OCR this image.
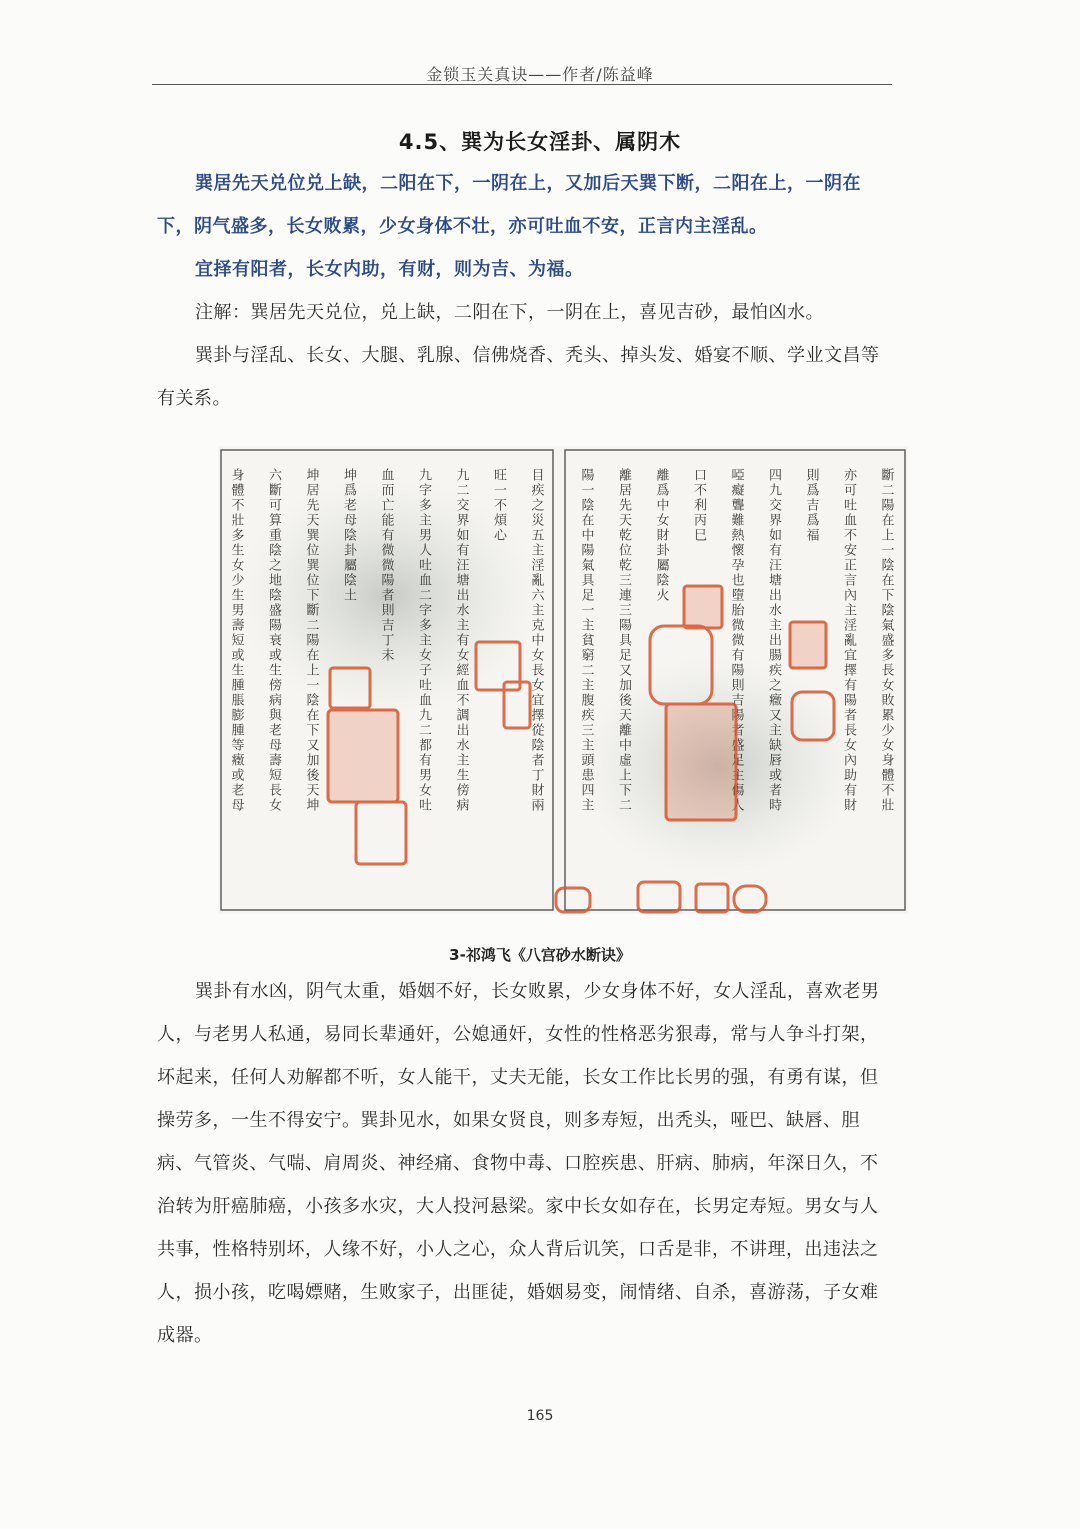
金锁玉关真诀——作者/陈益峰
4.5、巽为长女淫卦、属阴木
巽居先天兑位兑上缺，二阳在下，一阴在上，又加后天巽下断，二阳在上，一阴在下，阴气盛多，长女败累，少女身体不壮，亦可吐血不安，正言内主淫乱。
宜择有阳者，长女内助，有财，则为吉、为福。
注解：巽居先天兑位，兑上缺，二阳在下，一阴在上，喜见吉砂，最怕凶水。
巽卦与淫乱、长女、大腿、乳腺、信佛烧香、秃头、掉头发、婚宴不顺、学业文昌等有关系。
身體不壯多生女少生男壽短或生腫脹膨腫等癥或老母 六斷可算重陰之地陰盛陽衰或生傍病與老母壽短長女 坤居先天巽位巽位下斷二陽在上一陰在下又加後天坤 坤爲老母陰卦屬陰土 血而亡能有微微陽者則吉丁未 九字多主男人吐血二字多主女子吐血九二都有男女吐 九二交界如有汪塘出水主有女經血不調出水主生傍病 旺一不煩心 目疾之災五主淫亂六主克中女長女宜擇從陰者丁財兩	陽一陰在中陽氣具足一主貧窮二主腹疾三主頭患四主 離居先天乾位乾三連三陽具足又加後天離中虛上下二 離爲中女財卦屬陰火 口不利丙巳 啞癡聾難熱懷孕也墮胎微微有陽則吉陽者盛足主傷人 四九交界如有汪塘出水主出腸疾之癥又主缺唇或者時 則爲吉爲福 亦可吐血不安正言內主淫亂宜擇有陽者長女內助有財 斷二陽在上一陰在下陰氣盛多長女敗累少女身體不壯
3-祁鸿飞《八宫砂水断诀》
巽卦有水凶，阴气太重，婚姻不好，长女败累，少女身体不好，女人淫乱，喜欢老男人，与老男人私通，易同长辈通奸，公媳通奸，女性的性格恶劣狠毒，常与人争斗打架，坏起来，任何人劝解都不听，女人能干，丈夫无能，长女工作比长男的强，有勇有谋，但操劳多，一生不得安宁。巽卦见水，如果女贤良，则多寿短，出秃头，哑巴、缺唇、胆病、气管炎、气喘、肩周炎、神经痛、食物中毒、口腔疾患、肝病、肺病，年深日久，不治转为肝癌肺癌，小孩多水灾，大人投河悬梁。家中长女如存在，长男定寿短。男女与人共事，性格特别坏，人缘不好，小人之心，众人背后讥笑，口舌是非，不讲理，出违法之人，损小孩，吃喝嫖赌，生败家子，出匪徒，婚姻易变，闹情绪、自杀，喜游荡，子女难成器。
165
